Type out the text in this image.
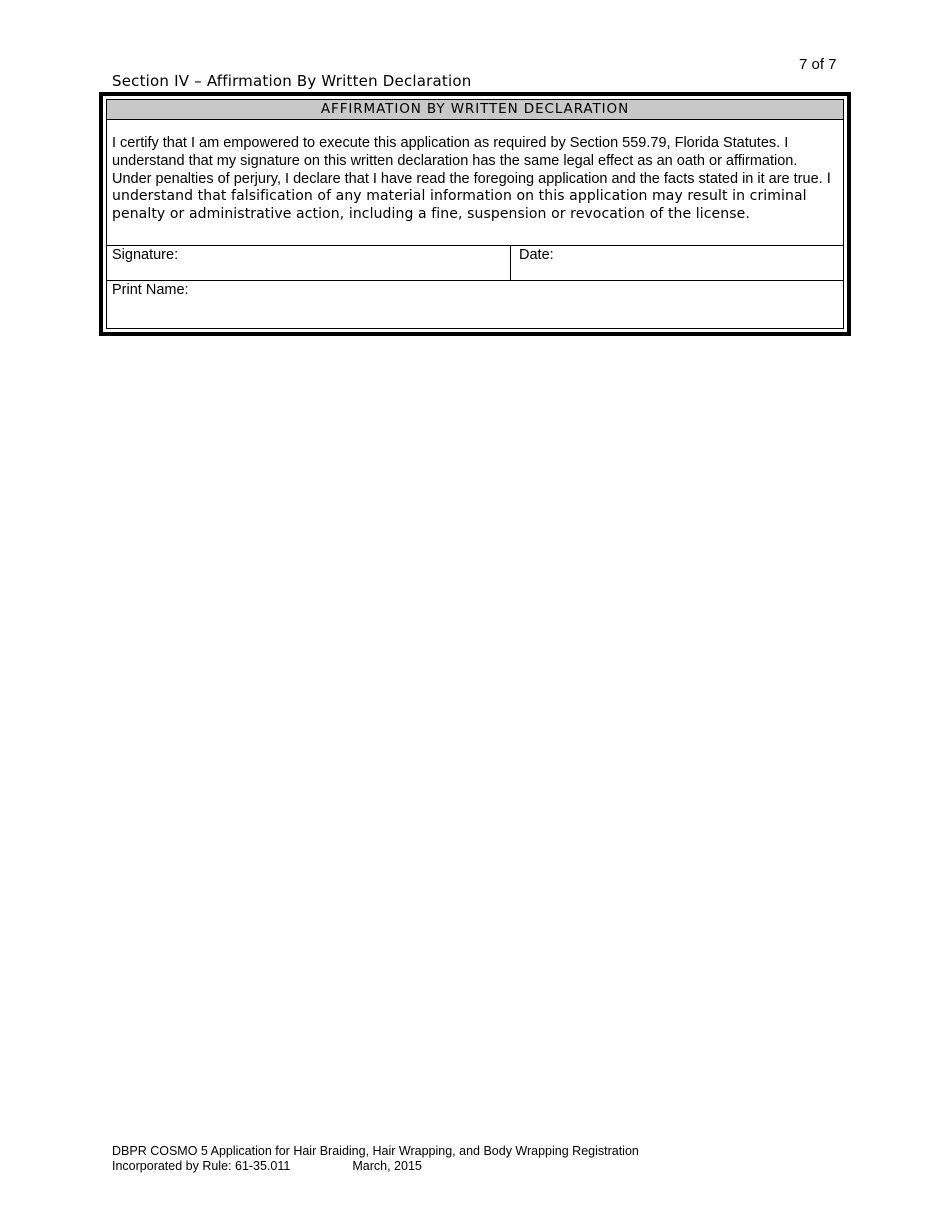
7 of 7
Section IV – Affirmation By Written Declaration
AFFIRMATION BY WRITTEN DECLARATION
I certify that I am empowered to execute this application as required by Section 559.79, Florida Statutes. I understand that my signature on this written declaration has the same legal effect as an oath or affirmation. Under penalties of perjury, I declare that I have read the foregoing application and the facts stated in it are true. I understand that falsification of any material information on this application may result in criminal penalty or administrative action, including a fine, suspension or revocation of the license.
Signature:	Date:
Print Name:
DBPR COSMO 5 Application for Hair Braiding, Hair Wrapping, and Body Wrapping Registration
Incorporated by Rule: 61-35.011	March, 2015
